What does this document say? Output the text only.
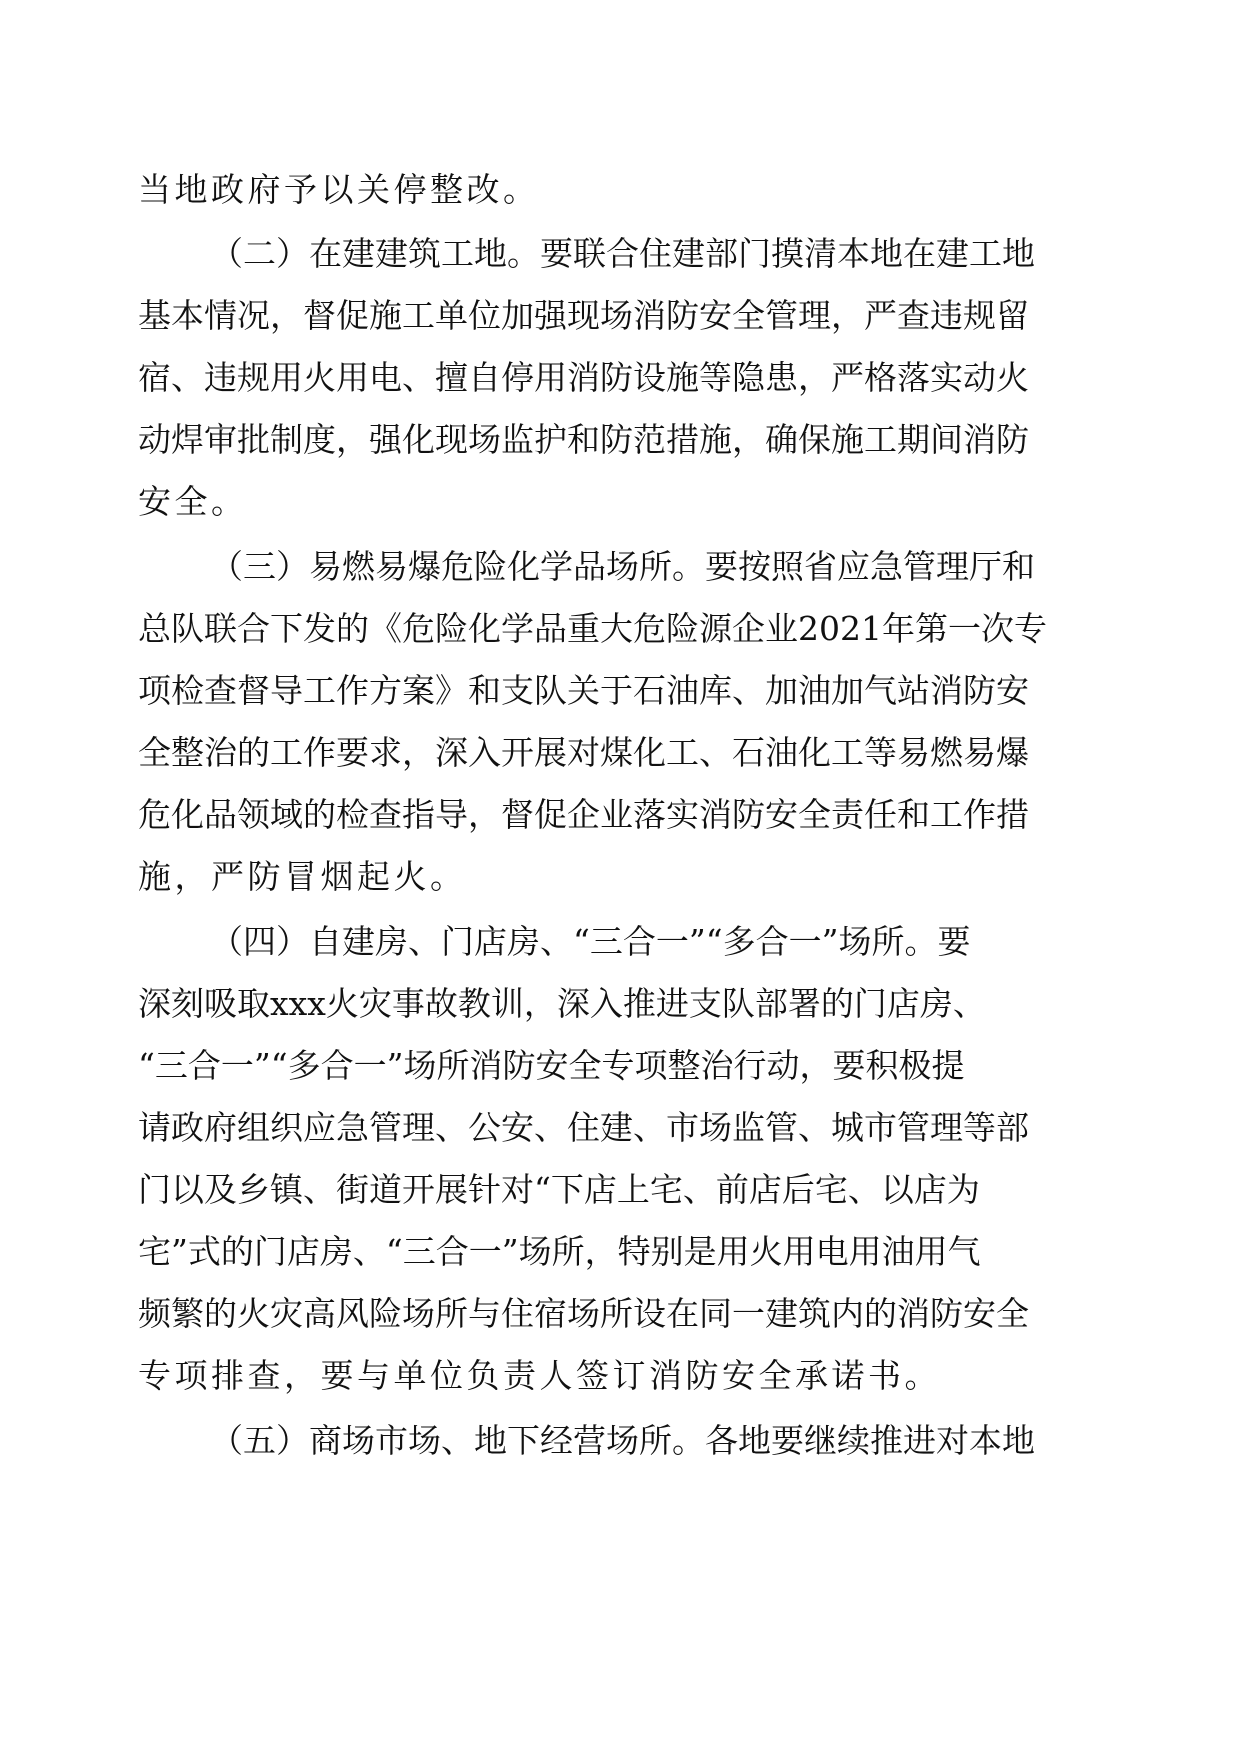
当地政府予以关停整改。
（ 二 ） 在 建 建 筑 工 地 。 要 联 合 住 建 部 门 摸 清 本 地 在 建 工 地
基 本 情 况 ， 督 促 施 工 单 位 加 强 现 场 消 防 安 全 管 理 ， 严 查 违 规 留
宿 、 违 规 用 火 用 电 、 擅 自 停 用 消 防 设 施 等 隐 患 ， 严 格 落 实 动 火
动 焊 审 批 制 度 ， 强 化 现 场 监 护 和 防 范 措 施 ， 确 保 施 工 期 间 消 防
安全。
（ 三 ） 易 燃 易 爆 危 险 化 学 品 场 所 。 要 按 照 省 应 急 管 理 厅 和
总 队 联 合 下 发 的 《 危 险 化 学 品 重 大 危 险 源 企 业 2021 年 第 一 次 专
项 检 查 督 导 工 作 方 案 》 和 支 队 关 于 石 油 库 、 加 油 加 气 站 消 防 安
全 整 治 的 工 作 要 求 ， 深 入 开 展 对 煤 化 工 、 石 油 化 工 等 易 燃 易 爆
危 化 品 领 域 的 检 查 指 导 ， 督 促 企 业 落 实 消 防 安 全 责 任 和 工 作 措
施，严防冒烟起火。
（ 四 ） 自 建 房 、 门 店 房 、 “ 三 合 一 ” “ 多 合 一 ” 场 所 。 要
深 刻 吸 取 xxx 火 灾 事 故 教 训 ， 深 入 推 进 支 队 部 署 的 门 店 房 、
“ 三 合 一 ” “ 多 合 一 ” 场 所 消 防 安 全 专 项 整 治 行 动 ， 要 积 极 提
请 政 府 组 织 应 急 管 理 、 公 安 、 住 建 、 市 场 监 管 、 城 市 管 理 等 部
门 以 及 乡 镇 、 街 道 开 展 针 对 “ 下 店 上 宅 、 前 店 后 宅 、 以 店 为
宅 ” 式 的 门 店 房 、 “ 三 合 一 ” 场 所 ， 特 别 是 用 火 用 电 用 油 用 气
频 繁 的 火 灾 高 风 险 场 所 与 住 宿 场 所 设 在 同 一 建 筑 内 的 消 防 安 全
专项排查，要与单位负责人签订消防安全承诺书。
（ 五 ） 商 场 市 场 、 地 下 经 营 场 所 。 各 地 要 继 续 推 进 对 本 地
